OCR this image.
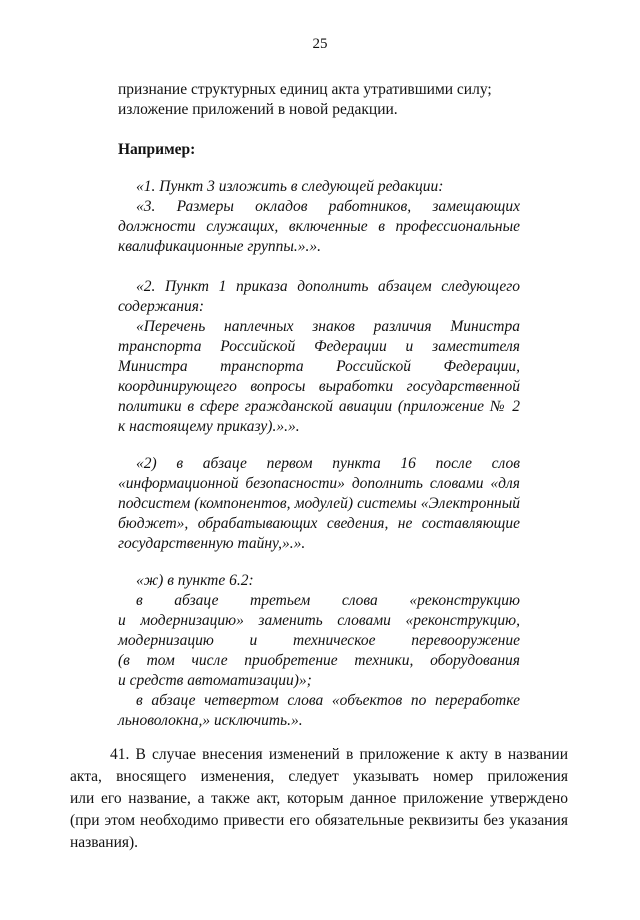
25
признание структурных единиц акта утратившими силу;
изложение приложений в новой редакции.
Например:
«1. Пункт 3 изложить в следующей редакции:
«3. Размеры окладов работников, замещающих
должности служащих, включенные в профессиональные
квалификационные группы.».».
«2. Пункт 1 приказа дополнить абзацем следующего
содержания:
«Перечень наплечных знаков различия Министра
транспорта Российской Федерации и заместителя
Министра транспорта Российской Федерации,
координирующего вопросы выработки государственной
политики в сфере гражданской авиации (приложение № 2
к настоящему приказу).».».
«2) в абзаце первом пункта 16 после слов
«информационной безопасности» дополнить словами «для
подсистем (компонентов, модулей) системы «Электронный
бюджет», обрабатывающих сведения, не составляющие
государственную тайну,».».
«ж) в пункте 6.2:
в абзаце третьем слова «реконструкцию
и модернизацию» заменить словами «реконструкцию,
модернизацию и техническое перевооружение
(в том числе приобретение техники, оборудования
и средств автоматизации)»;
в абзаце четвертом слова «объектов по переработке
льноволокна,» исключить.».
41. В случае внесения изменений в приложение к акту в названии
акта, вносящего изменения, следует указывать номер приложения
или его название, а также акт, которым данное приложение утверждено
(при этом необходимо привести его обязательные реквизиты без указания
названия).
